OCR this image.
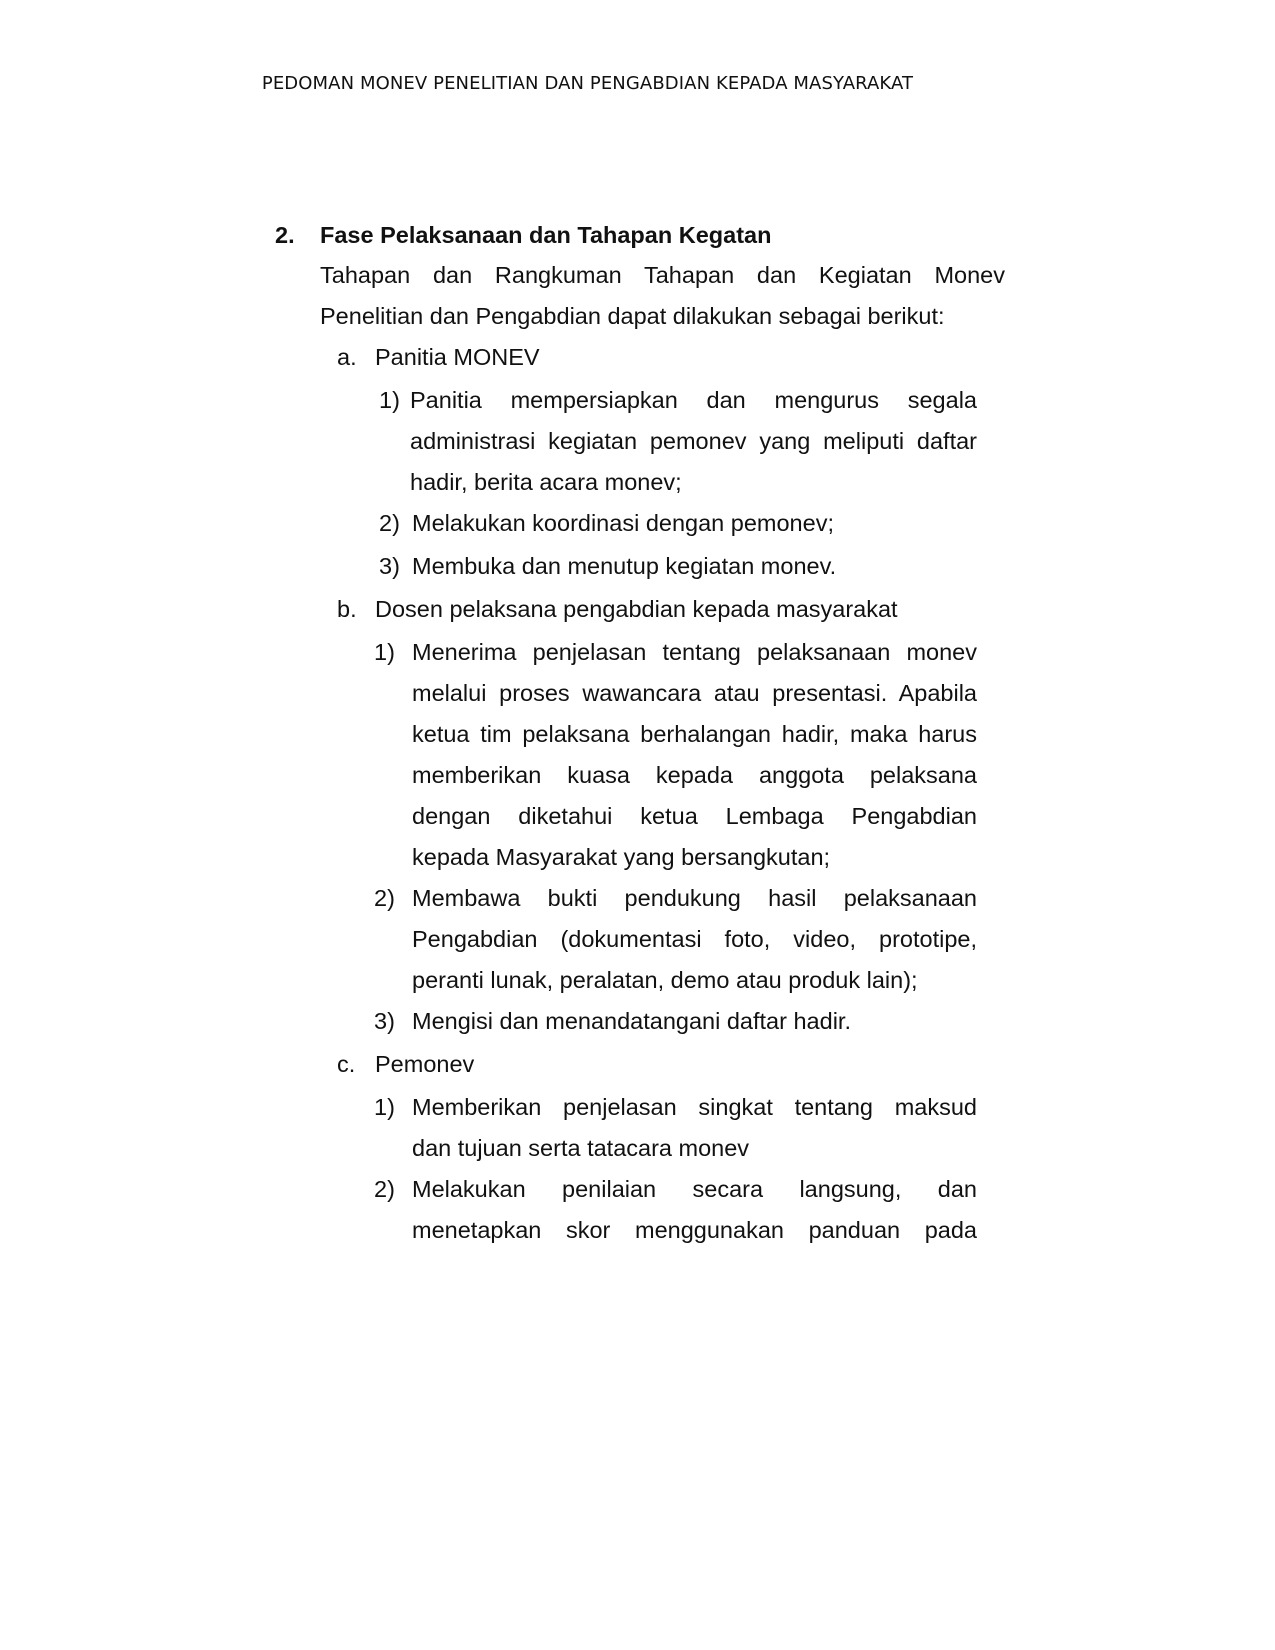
PEDOMAN MONEV PENELITIAN DAN PENGABDIAN KEPADA MASYARAKAT
2. Fase Pelaksanaan dan Tahapan Kegatan
Tahapan dan Rangkuman Tahapan dan Kegiatan Monev
Penelitian dan Pengabdian dapat dilakukan sebagai berikut:
a. Panitia MONEV
1) Panitia mempersiapkan dan mengurus segala
administrasi kegiatan pemonev yang meliputi daftar
hadir, berita acara monev;
2) Melakukan koordinasi dengan pemonev;
3) Membuka dan menutup kegiatan monev.
b. Dosen pelaksana pengabdian kepada masyarakat
1) Menerima penjelasan tentang pelaksanaan monev
melalui proses wawancara atau presentasi. Apabila
ketua tim pelaksana berhalangan hadir, maka harus
memberikan kuasa kepada anggota pelaksana
dengan diketahui ketua Lembaga Pengabdian
kepada Masyarakat yang bersangkutan;
2) Membawa bukti pendukung hasil pelaksanaan
Pengabdian (dokumentasi foto, video, prototipe,
peranti lunak, peralatan, demo atau produk lain);
3) Mengisi dan menandatangani daftar hadir.
c. Pemonev
1) Memberikan penjelasan singkat tentang maksud
dan tujuan serta tatacara monev
2) Melakukan penilaian secara langsung, dan
menetapkan skor menggunakan panduan pada
